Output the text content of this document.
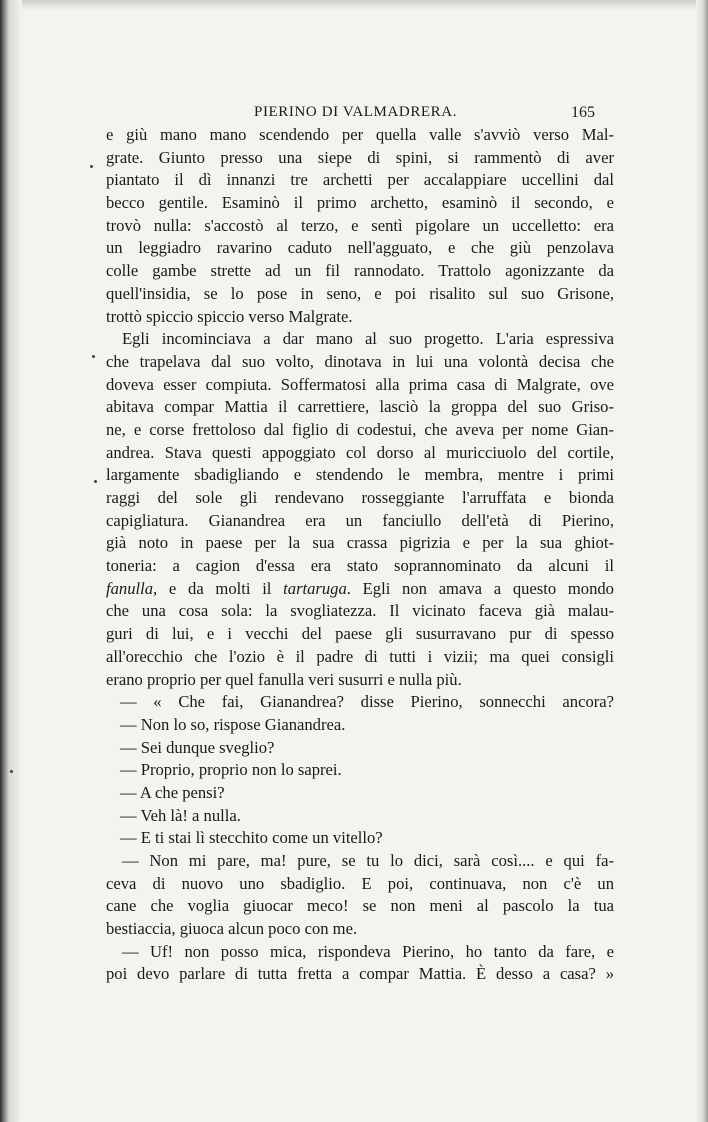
PIERINO DI VALMADRERA.	165
e giù mano mano scendendo per quella valle s'avviò verso Mal-
grate. Giunto presso una siepe di spini, si rammentò di aver
piantato il dì innanzi tre archetti per accalappiare uccellini dal
becco gentile. Esaminò il primo archetto, esaminò il secondo, e
trovò nulla: s'accostò al terzo, e sentì pigolare un uccelletto: era
un leggiadro ravarino caduto nell'agguato, e che giù penzolava
colle gambe strette ad un fil rannodato. Trattolo agonizzante da
quell'insidia, se lo pose in seno, e poi risalito sul suo Grisone,
trottò spiccio spiccio verso Malgrate.
Egli incominciava a dar mano al suo progetto. L'aria espressiva
che trapelava dal suo volto, dinotava in lui una volontà decisa che
doveva esser compiuta. Soffermatosi alla prima casa di Malgrate, ove
abitava compar Mattia il carrettiere, lasciò la groppa del suo Griso-
ne, e corse frettoloso dal figlio di codestui, che aveva per nome Gian-
andrea. Stava questi appoggiato col dorso al muricciuolo del cortile,
largamente sbadigliando e stendendo le membra, mentre i primi
raggi del sole gli rendevano rosseggiante l'arruffata e bionda
capigliatura. Gianandrea era un fanciullo dell'età di Pierino,
già noto in paese per la sua crassa pigrizia e per la sua ghiot-
toneria: a cagion d'essa era stato soprannominato da alcuni il
fanulla, e da molti il tartaruga. Egli non amava a questo mondo
che una cosa sola: la svogliatezza. Il vicinato faceva già malau-
guri di lui, e i vecchi del paese gli susurravano pur di spesso
all'orecchio che l'ozio è il padre di tutti i vizii; ma quei consigli
erano proprio per quel fanulla veri susurri e nulla più.
— « Che fai, Gianandrea? disse Pierino, sonnecchi ancora?
— Non lo so, rispose Gianandrea.
— Sei dunque sveglio?
— Proprio, proprio non lo saprei.
— A che pensi?
— Veh là! a nulla.
— E ti stai lì stecchito come un vitello?
— Non mi pare, ma! pure, se tu lo dici, sarà così.... e qui fa-
ceva di nuovo uno sbadiglio. E poi, continuava, non c'è un
cane che voglia giuocar meco! se non meni al pascolo la tua
bestiaccia, giuoca alcun poco con me.
— Uf! non posso mica, rispondeva Pierino, ho tanto da fare, e
poi devo parlare di tutta fretta a compar Mattia. È desso a casa? »
